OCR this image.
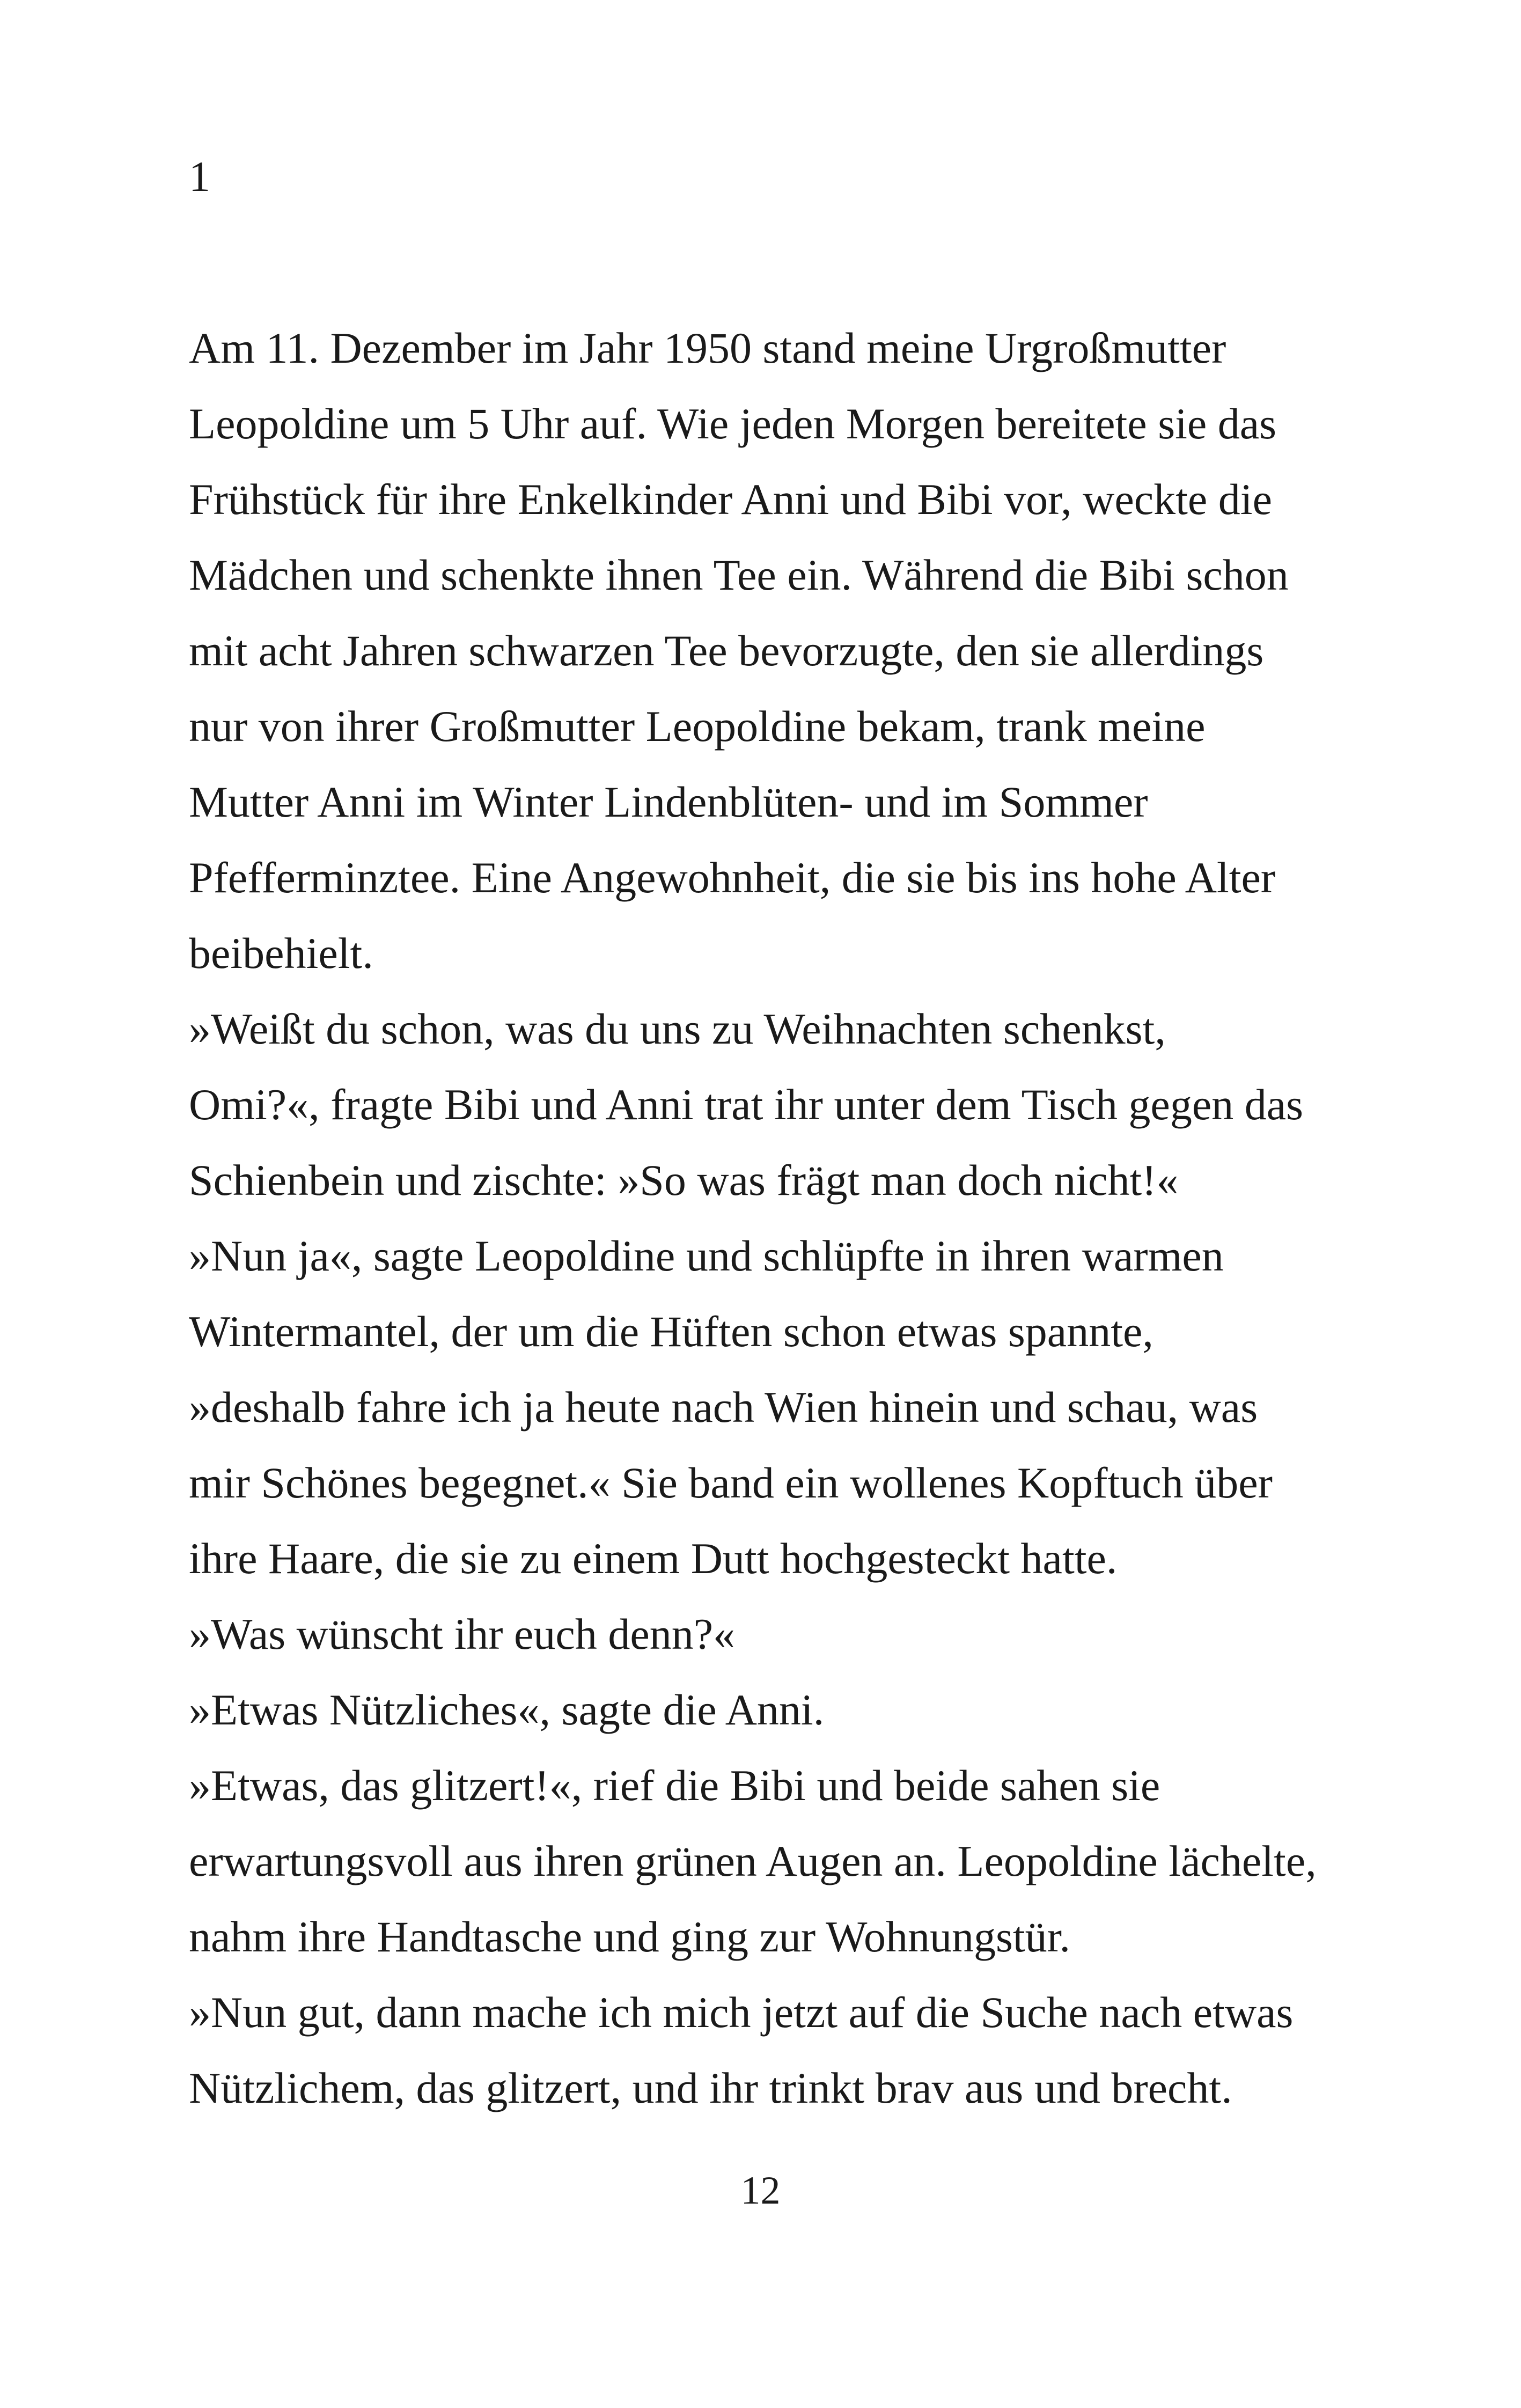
1
Am 11. Dezember im Jahr 1950 stand meine Urgroßmutter
Leopoldine um 5 Uhr auf. Wie jeden Morgen bereitete sie das
Frühstück für ihre Enkelkinder Anni und Bibi vor, weckte die
Mädchen und schenkte ihnen Tee ein. Während die Bibi schon
mit acht Jahren schwarzen Tee bevorzugte, den sie allerdings
nur von ihrer Großmutter Leopoldine bekam, trank meine
Mutter Anni im Winter Lindenblüten- und im Sommer
Pfefferminztee. Eine Angewohnheit, die sie bis ins hohe Alter
beibehielt.
»Weißt du schon, was du uns zu Weihnachten schenkst,
Omi?«, fragte Bibi und Anni trat ihr unter dem Tisch gegen das
Schienbein und zischte: »So was frägt man doch nicht!«
»Nun ja«, sagte Leopoldine und schlüpfte in ihren warmen
Wintermantel, der um die Hüften schon etwas spannte,
»deshalb fahre ich ja heute nach Wien hinein und schau, was
mir Schönes begegnet.« Sie band ein wollenes Kopftuch über
ihre Haare, die sie zu einem Dutt hochgesteckt hatte.
»Was wünscht ihr euch denn?«
»Etwas Nützliches«, sagte die Anni.
»Etwas, das glitzert!«, rief die Bibi und beide sahen sie
erwartungsvoll aus ihren grünen Augen an. Leopoldine lächelte,
nahm ihre Handtasche und ging zur Wohnungstür.
»Nun gut, dann mache ich mich jetzt auf die Suche nach etwas
Nützlichem, das glitzert, und ihr trinkt brav aus und brecht.
12
